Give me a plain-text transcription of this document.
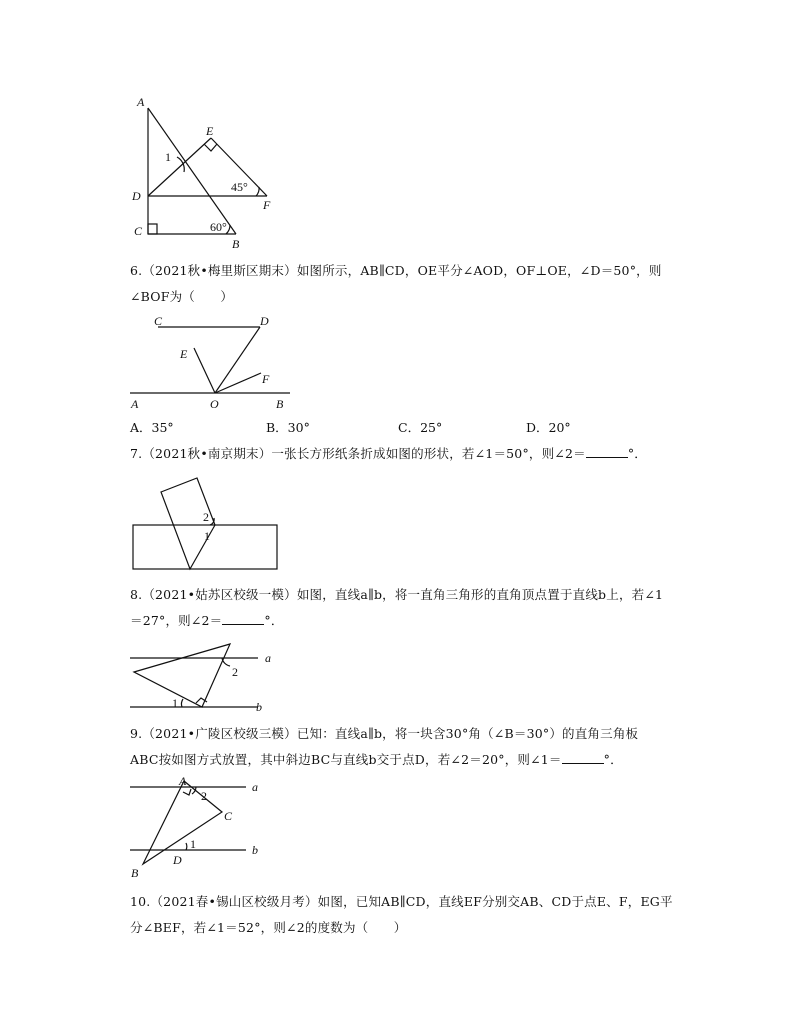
A
E
1
D
45°
F
C	60°
B
6.（2021秋•梅里斯区期末）如图所示，AB∥CD，OE平分∠AOD，OF⊥OE，∠D＝50°，则
∠BOF为（　　）
C	D
E
F
A	O	B
A．35°	B．30°	C．25°	D．20°
7.（2021秋•南京期末）一张长方形纸条折成如图的形状，若∠1＝50°，则∠2＝	°．
2
1
8.（2021•姑苏区校级一模）如图，直线a∥b，将一直角三角形的直角顶点置于直线b上，若∠1
＝27°，则∠2＝	°．
a
2
1	b
9.（2021•广陵区校级三模）已知：直线a∥b，将一块含30°角（∠B＝30°）的直角三角板
ABC按如图方式放置，其中斜边BC与直线b交于点D，若∠2＝20°，则∠1＝	°．
A
2
a
C
1
D
b
B
10.（2021春•锡山区校级月考）如图，已知AB∥CD，直线EF分别交AB、CD于点E、F，EG平
分∠BEF，若∠1＝52°，则∠2的度数为（　　）
